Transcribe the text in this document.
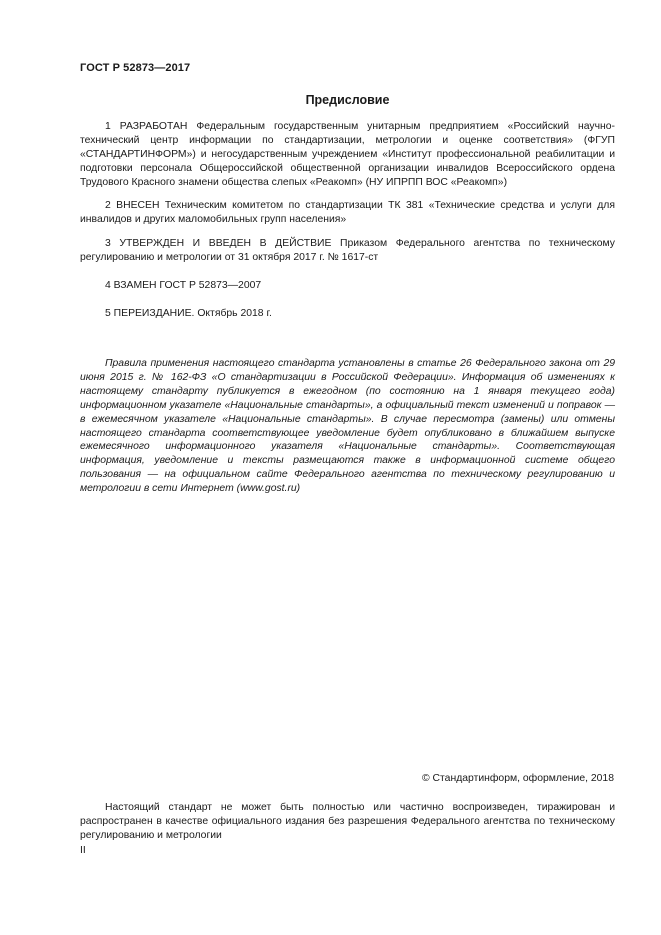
ГОСТ Р 52873—2017
Предисловие

1 РАЗРАБОТАН Федеральным государственным унитарным предприятием «Российский научно-технический центр информации по стандартизации, метрологии и оценке соответствия» (ФГУП «СТАНДАРТИНФОРМ») и негосударственным учреждением «Институт профессиональной реабилитации и подготовки персонала Общероссийской общественной организации инвалидов Всероссийского ордена Трудового Красного знамени общества слепых «Реакомп» (НУ ИПРПП ВОС «Реакомп»)

2 ВНЕСЕН Техническим комитетом по стандартизации ТК 381 «Технические средства и услуги для инвалидов и других маломобильных групп населения»

3 УТВЕРЖДЕН И ВВЕДЕН В ДЕЙСТВИЕ Приказом Федерального агентства по техническому регулированию и метрологии от 31 октября 2017 г. № 1617-ст

4 ВЗАМЕН ГОСТ Р 52873—2007

5 ПЕРЕИЗДАНИЕ. Октябрь 2018 г.

Правила применения настоящего стандарта установлены в статье 26 Федерального закона от 29 июня 2015 г. № 162-ФЗ «О стандартизации в Российской Федерации». Информация об изменениях к настоящему стандарту публикуется в ежегодном (по состоянию на 1 января текущего года) информационном указателе «Национальные стандарты», а официальный текст изменений и поправок — в ежемесячном указателе «Национальные стандарты». В случае пересмотра (замены) или отмены настоящего стандарта соответствующее уведомление будет опубликовано в ближайшем выпуске ежемесячного информационного указателя «Национальные стандарты». Соответствующая информация, уведомление и тексты размещаются также в информационной системе общего пользования — на официальном сайте Федерального агентства по техническому регулированию и метрологии в сети Интернет (www.gost.ru)

© Стандартинформ, оформление, 2018

Настоящий стандарт не может быть полностью или частично воспроизведен, тиражирован и распространен в качестве официального издания без разрешения Федерального агентства по техническому регулированию и метрологии

II
